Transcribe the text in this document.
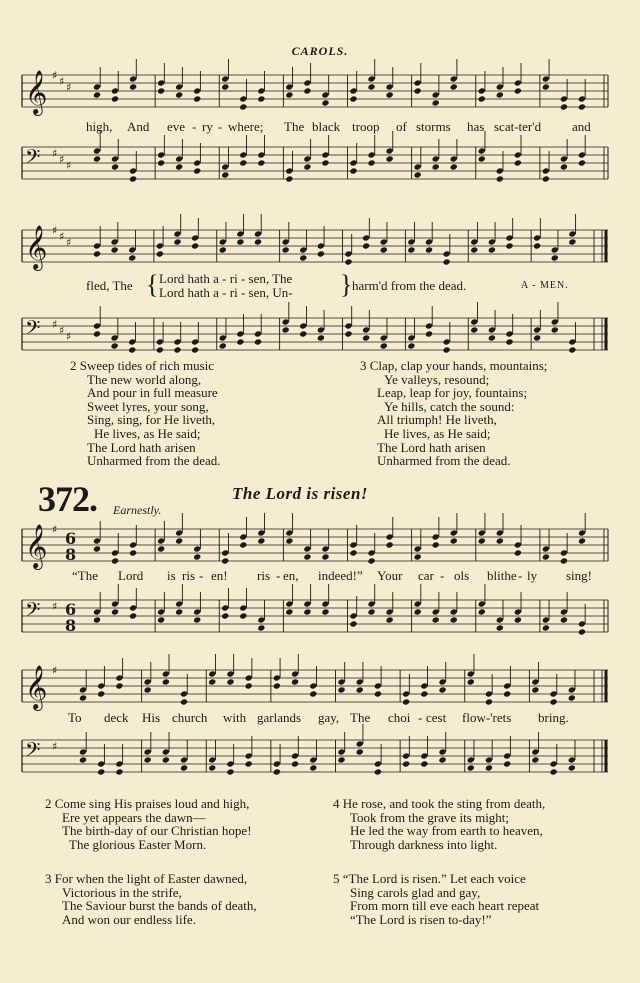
CAROLS.
𝄞 ♯ ♯ ♯
high, And eve - ry - where; The black troop of storms has scat-ter'd and
𝄢 ♯ ♯ ♯
𝄞 ♯ ♯ ♯
fled, The { Lord hath a - ri - sen, The
Lord hath a - ri - sen, Un- } harm'd from the dead.	A - MEN.
𝄢 ♯ ♯ ♯
2 Sweep tides of rich music
The new world along,
And pour in full measure
Sweet lyres, your song,
Sing, sing, for He liveth,
He lives, as He said;
The Lord hath arisen
Unharmed from the dead.
3 Clap, clap your hands, mountains;
Ye valleys, resound;
Leap, leap for joy, fountains;
Ye hills, catch the sound:
All triumph! He liveth,
He lives, as He said;
The Lord hath arisen
Unharmed from the dead.
372. Earnestly.
The Lord is risen!
𝄞 ♯ 6
8
“The Lord is ris - en! ris - en, indeed!” Your car - ols blithe - ly sing!
𝄢 ♯ 6
8
𝄞 ♯
To deck His church with garlands gay, The choi - cest flow-'rets bring.
𝄢 ♯
2 Come sing His praises loud and high,
Ere yet appears the dawn—
The birth-day of our Christian hope!
The glorious Easter Morn.
4 He rose, and took the sting from death,
Took from the grave its might;
He led the way from earth to heaven,
Through darkness into light.
3 For when the light of Easter dawned,
Victorious in the strife,
The Saviour burst the bands of death,
And won our endless life.
5 “The Lord is risen.” Let each voice
Sing carols glad and gay,
From morn till eve each heart repeat
“The Lord is risen to-day!”
